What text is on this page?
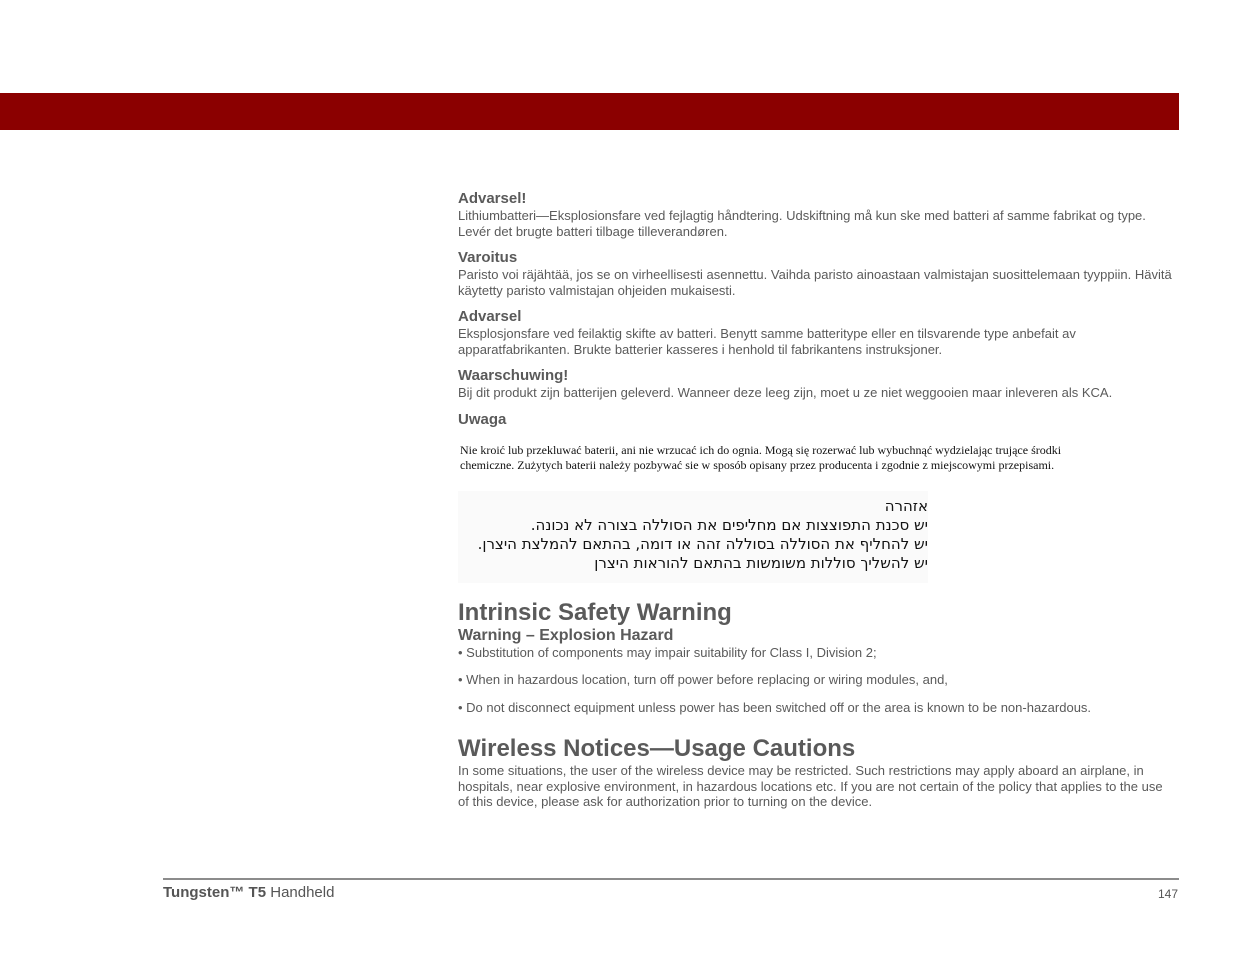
Advarsel!

Lithiumbatteri—Eksplosionsfare ved fejlagtig håndtering. Udskiftning må kun ske med batteri af samme fabrikat og type. Levér det brugte batteri tilbage tilleverandøren.

Varoitus

Paristo voi räjähtää, jos se on virheellisesti asennettu. Vaihda paristo ainoastaan valmistajan suosittelemaan tyyppiin. Hävitä käytetty paristo valmistajan ohjeiden mukaisesti.

Advarsel

Eksplosjonsfare ved feilaktig skifte av batteri. Benytt samme batteritype eller en tilsvarende type anbefait av apparatfabrikanten. Brukte batterier kasseres i henhold til fabrikantens instruksjoner.

Waarschuwing!

Bij dit produkt zijn batterijen geleverd. Wanneer deze leeg zijn, moet u ze niet weggooien maar inleveren als KCA.

Uwaga

Nie kroić lub przekluwać baterii, ani nie wrzucać ich do ognia. Mogą się rozerwać lub wybuchnąć wydzielając trujące środki
chemiczne. Zużytych baterii należy pozbywać sie w sposób opisany przez producenta i zgodnie z miejscowymi przepisami.
אזהרה
יש סכנת התפוצצות אם מחליפים את הסוללה בצורה לא נכונה.
יש להחליף את הסוללה בסוללה זהה או דומה, בהתאם להמלצת היצרן.
יש להשליך סוללות משומשות בהתאם להוראות היצרן

Intrinsic Safety Warning

Warning – Explosion Hazard

• Substitution of components may impair suitability for Class I, Division 2;

• When in hazardous location, turn off power before replacing or wiring modules, and,

• Do not disconnect equipment unless power has been switched off or the area is known to be non-hazardous.

Wireless Notices—Usage Cautions

In some situations, the user of the wireless device may be restricted. Such restrictions may apply aboard an airplane, in hospitals, near explosive environment, in hazardous locations etc. If you are not certain of the policy that applies to the use of this device, please ask for authorization prior to turning on the device.

Tungsten™ T5 Handheld	147
